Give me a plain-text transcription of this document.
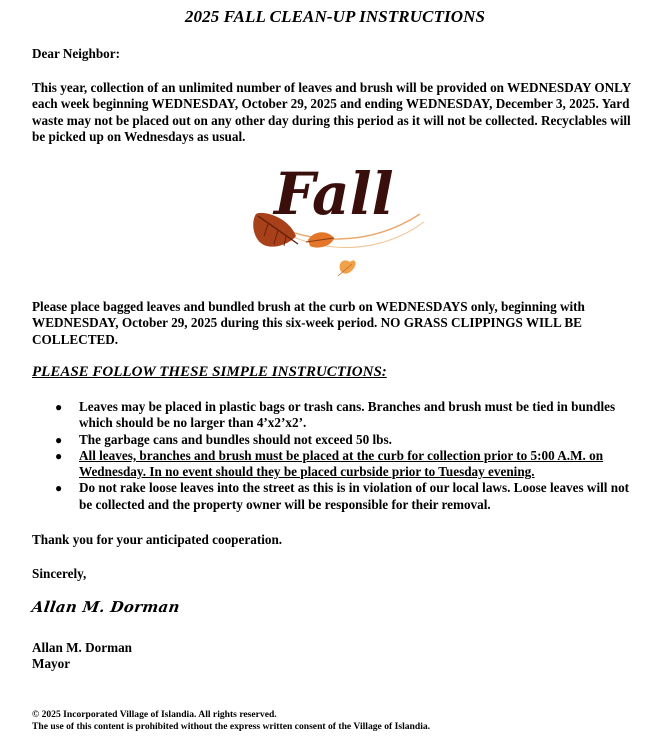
2025 FALL CLEAN-UP INSTRUCTIONS

Dear Neighbor:

This year, collection of an unlimited number of leaves and brush will be provided on WEDNESDAY ONLY each week beginning WEDNESDAY, October 29, 2025 and ending WEDNESDAY, December 3, 2025. Yard waste may not be placed out on any other day during this period as it will not be collected. Recyclables will be picked up on Wednesdays as usual.

Fall

Please place bagged leaves and bundled brush at the curb on WEDNESDAYS only, beginning with WEDNESDAY, October 29, 2025 during this six-week period. NO GRASS CLIPPINGS WILL BE COLLECTED.

PLEASE FOLLOW THESE SIMPLE INSTRUCTIONS:
● Leaves may be placed in plastic bags or trash cans. Branches and brush must be tied in bundles which should be no larger than 4’x2’x2’.
● The garbage cans and bundles should not exceed 50 lbs.
● All leaves, branches and brush must be placed at the curb for collection prior to 5:00 A.M. on Wednesday. In no event should they be placed curbside prior to Tuesday evening.
● Do not rake loose leaves into the street as this is in violation of our local laws. Loose leaves will not be collected and the property owner will be responsible for their removal.

Thank you for your anticipated cooperation.

Sincerely,

Allan M. Dorman
Allan M. Dorman
Mayor
© 2025 Incorporated Village of Islandia. All rights reserved.
The use of this content is prohibited without the express written consent of the Village of Islandia.
